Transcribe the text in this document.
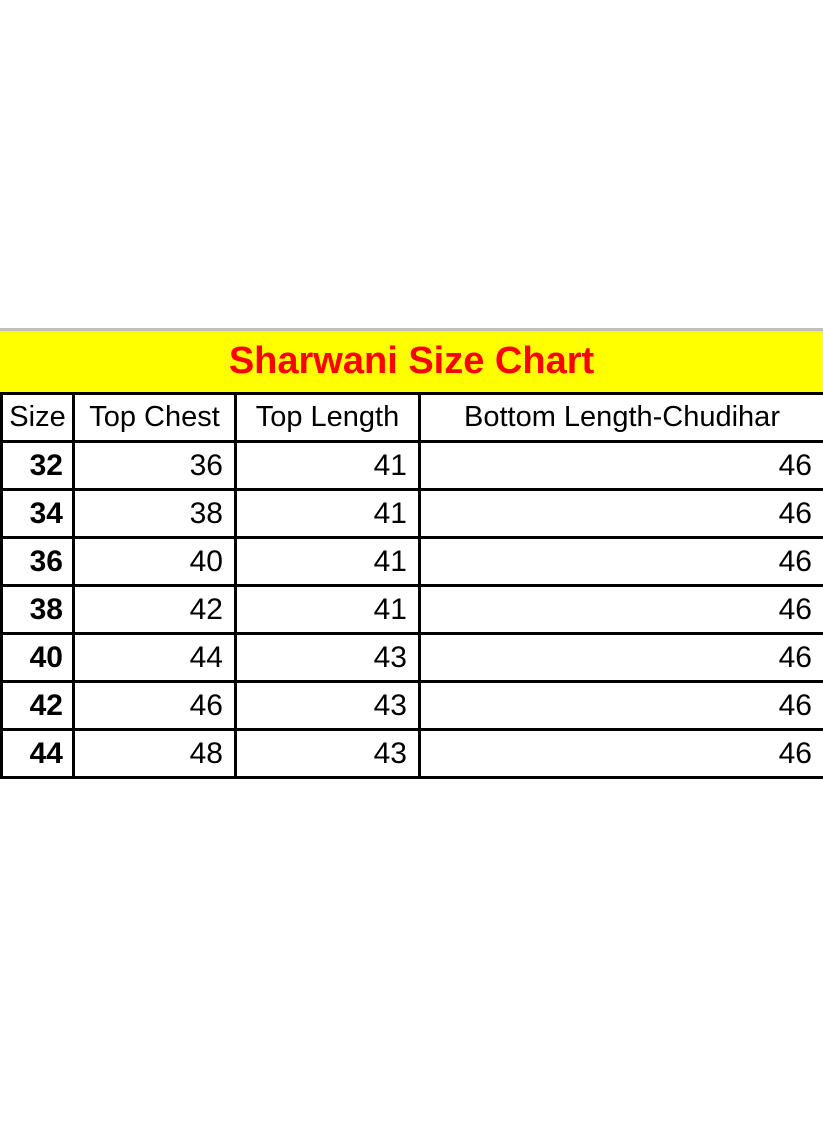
Sharwani Size Chart
Size	Top Chest	Top Length	Bottom Length-Chudihar
32	36	41	46
34	38	41	46
36	40	41	46
38	42	41	46
40	44	43	46
42	46	43	46
44	48	43	46
